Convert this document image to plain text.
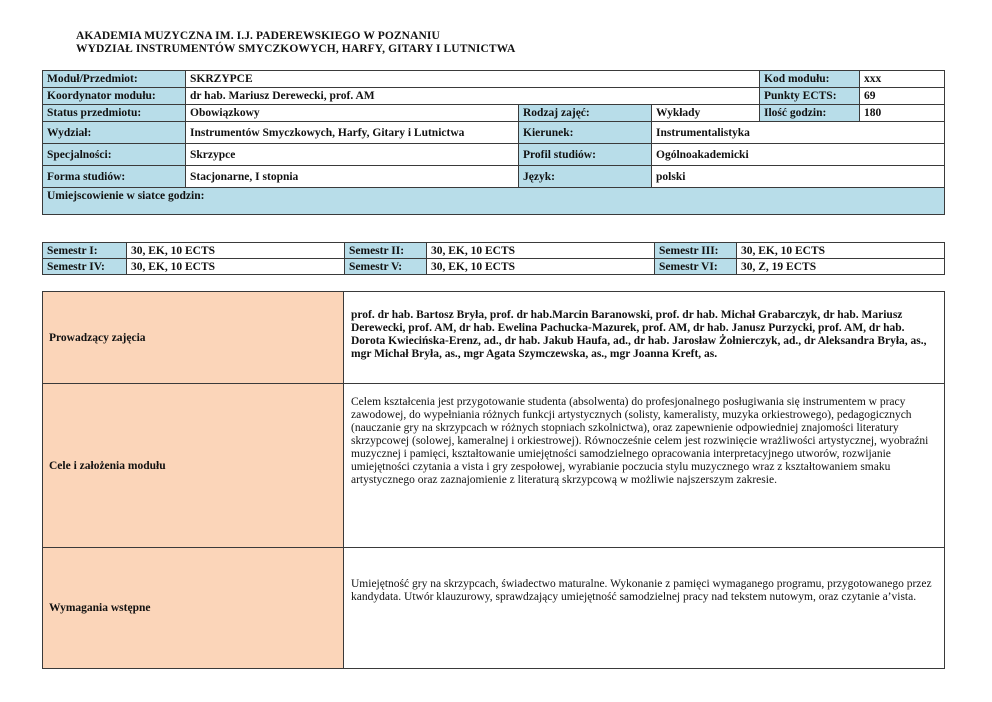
AKADEMIA MUZYCZNA IM. I.J. PADEREWSKIEGO W POZNANIU
WYDZIAŁ INSTRUMENTÓW SMYCZKOWYCH, HARFY, GITARY I LUTNICTWA
Moduł/Przedmiot:	SKRZYPCE			Kod modułu:	xxx
Koordynator modułu:	dr hab. Mariusz Derewecki, prof. AM			Punkty ECTS:	69
Status przedmiotu:	Obowiązkowy	Rodzaj zajęć:	Wykłady	Ilość godzin:	180
Wydział:	Instrumentów Smyczkowych, Harfy, Gitary i Lutnictwa	Kierunek:	Instrumentalistyka		
Specjalności:	Skrzypce	Profil studiów:	Ogólnoakademicki		
Forma studiów:	Stacjonarne, I stopnia	Język:	polski		
Umiejscowienie w siatce godzin:					
Semestr I:	30, EK, 10 ECTS	Semestr II:	30, EK, 10 ECTS	Semestr III:	30, EK, 10 ECTS
Semestr IV:	30, EK, 10 ECTS	Semestr V:	30, EK, 10 ECTS	Semestr VI:	30, Z, 19 ECTS
Prowadzący zajęcia	prof. dr hab. Bartosz Bryła, prof. dr hab.Marcin Baranowski, prof. dr hab. Michał Grabarczyk, dr hab. Mariusz Derewecki, prof. AM, dr hab. Ewelina Pachucka-Mazurek, prof. AM, dr hab. Janusz Purzycki, prof. AM, dr hab. Dorota Kwiecińska-Erenz, ad., dr hab. Jakub Haufa, ad., dr hab. Jarosław Żołnierczyk, ad., dr Aleksandra Bryła, as., mgr Michał Bryła, as., mgr Agata Szymczewska, as., mgr Joanna Kreft, as.
Cele i założenia modułu	Celem kształcenia jest przygotowanie studenta (absolwenta) do profesjonalnego posługiwania się instrumentem w pracy zawodowej, do wypełniania różnych funkcji artystycznych (solisty, kameralisty, muzyka orkiestrowego), pedagogicznych (nauczanie gry na skrzypcach w różnych stopniach szkolnictwa), oraz zapewnienie odpowiedniej znajomości literatury skrzypcowej (solowej, kameralnej i orkiestrowej). Równocześnie celem jest rozwinięcie wrażliwości artystycznej, wyobraźni muzycznej i pamięci, kształtowanie umiejętności samodzielnego opracowania interpretacyjnego utworów, rozwijanie umiejętności czytania a vista i gry zespołowej, wyrabianie poczucia stylu muzycznego wraz z kształtowaniem smaku artystycznego oraz zaznajomienie z literaturą skrzypcową w możliwie najszerszym zakresie.
Wymagania wstępne	Umiejętność gry na skrzypcach, świadectwo maturalne. Wykonanie z pamięci wymaganego programu, przygotowanego przez kandydata. Utwór klauzurowy, sprawdzający umiejętność samodzielnej pracy nad tekstem nutowym, oraz czytanie a’vista.
